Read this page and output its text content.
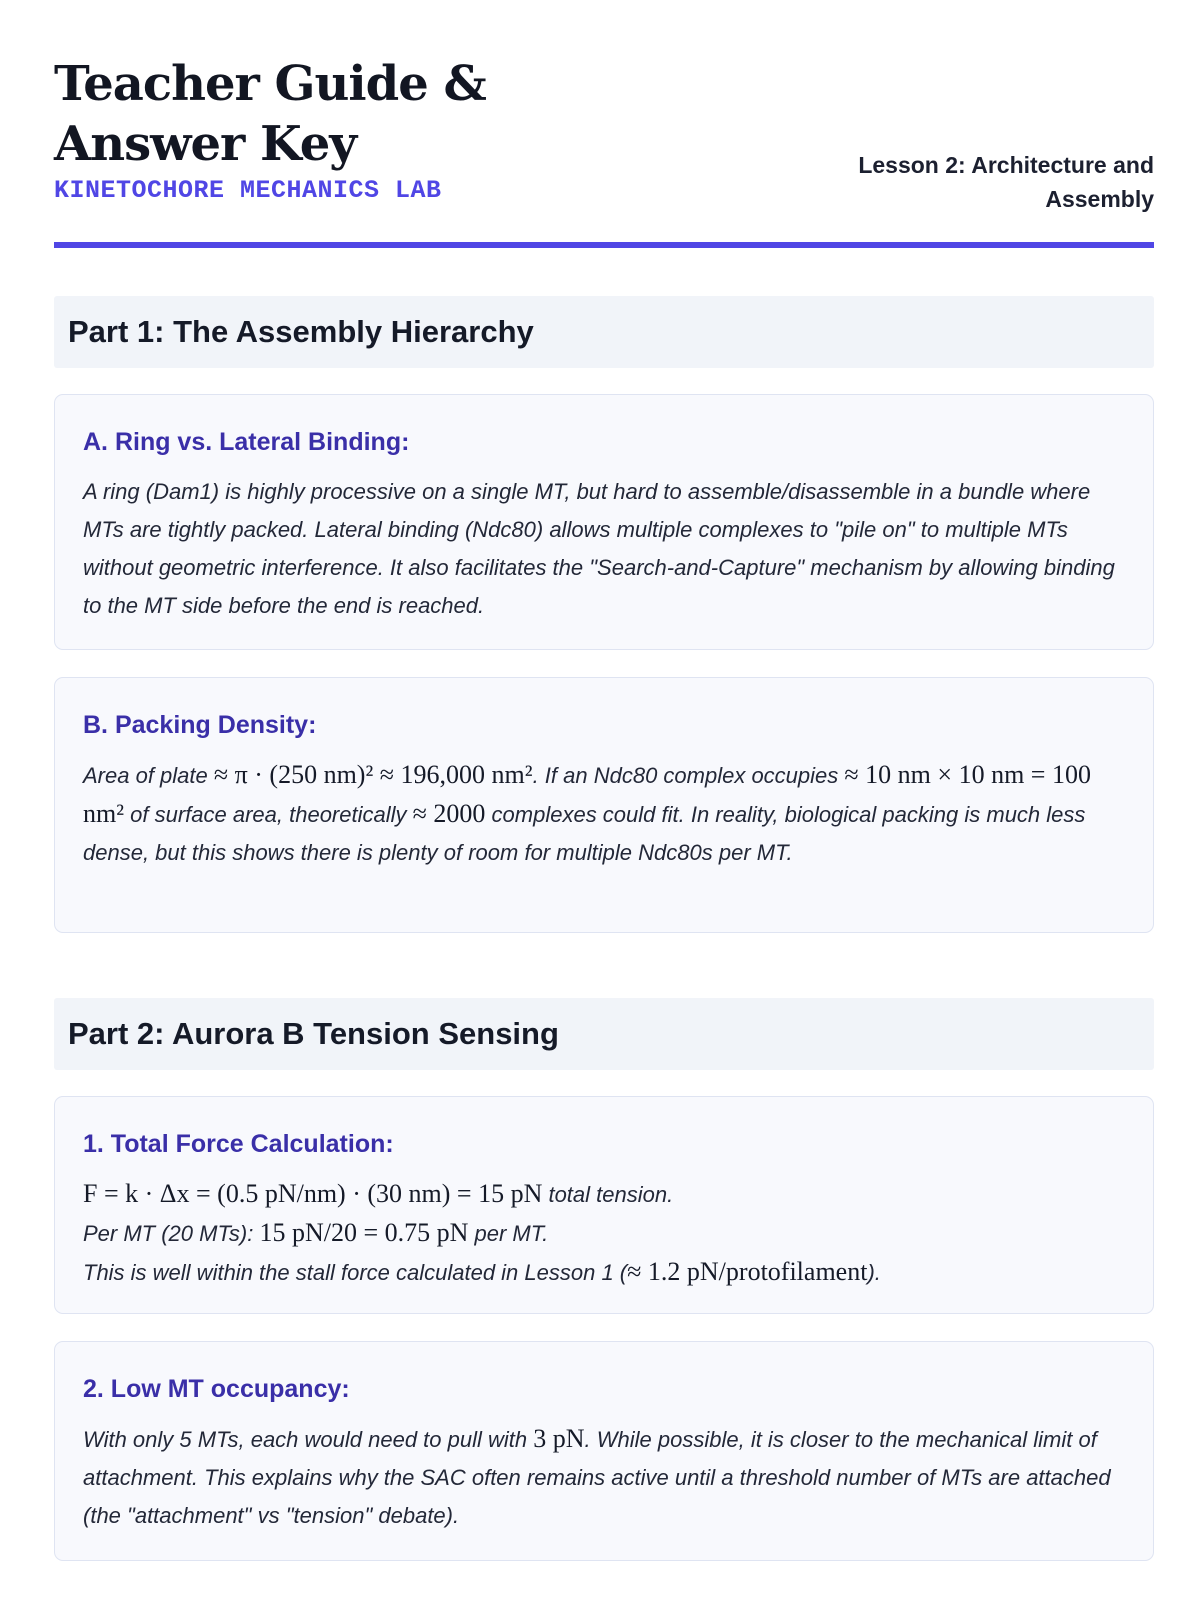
Teacher Guide & Answer Key
KINETOCHORE MECHANICS LAB
Lesson 2: Architecture and Assembly
Part 1: The Assembly Hierarchy
A. Ring vs. Lateral Binding:
A ring (Dam1) is highly processive on a single MT, but hard to assemble/disassemble in a bundle where MTs are tightly packed. Lateral binding (Ndc80) allows multiple complexes to "pile on" to multiple MTs without geometric interference. It also facilitates the "Search-and-Capture" mechanism by allowing binding to the MT side before the end is reached.
B. Packing Density:
Area of plate ≈ π · (250 nm)² ≈ 196,000 nm². If an Ndc80 complex occupies ≈ 10 nm × 10 nm = 100 nm² of surface area, theoretically ≈ 2000 complexes could fit. In reality, biological packing is much less dense, but this shows there is plenty of room for multiple Ndc80s per MT.
Part 2: Aurora B Tension Sensing
1. Total Force Calculation:
F = k · Δx = (0.5 pN/nm) · (30 nm) = 15 pN total tension.
Per MT (20 MTs): 15 pN/20 = 0.75 pN per MT.
This is well within the stall force calculated in Lesson 1 (≈ 1.2 pN/protofilament).
2. Low MT occupancy:
With only 5 MTs, each would need to pull with 3 pN. While possible, it is closer to the mechanical limit of attachment. This explains why the SAC often remains active until a threshold number of MTs are attached (the "attachment" vs "tension" debate).
